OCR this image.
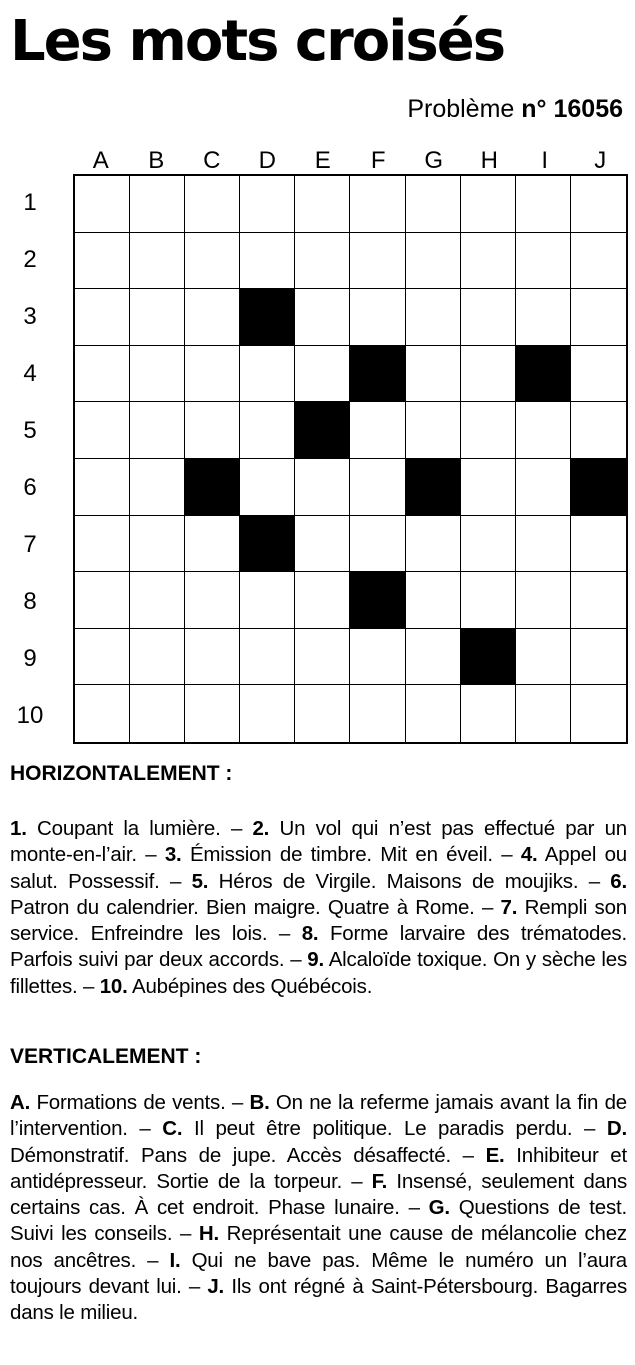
Les mots croisés
Problème n° 16056
A	B	C	D	E	F	G	H	I	J
1
2
3
4
5
6
7
8
9
10
HORIZONTALEMENT :
1. Coupant la lumière. – 2. Un vol qui n’est pas effectué par un monte-en-l’air. – 3. Émission de timbre. Mit en éveil. – 4. Appel ou salut. Possessif. – 5. Héros de Virgile. Maisons de moujiks. – 6. Patron du calendrier. Bien maigre. Quatre à Rome. – 7. Rempli son service. Enfreindre les lois. – 8. Forme larvaire des trématodes. Parfois suivi par deux accords. – 9. Alcaloïde toxique. On y sèche les fillettes. – 10. Aubépines des Québécois.
VERTICALEMENT :
A. Formations de vents. – B. On ne la referme jamais avant la fin de l’intervention. – C. Il peut être politique. Le paradis perdu. – D. Démonstratif. Pans de jupe. Accès désaffecté. – E. Inhibiteur et antidépresseur. Sortie de la torpeur. – F. Insensé, seulement dans certains cas. À cet endroit. Phase lunaire. – G. Questions de test. Suivi les conseils. – H. Représentait une cause de mélancolie chez nos ancêtres. – I. Qui ne bave pas. Même le numéro un l’aura toujours devant lui. – J. Ils ont régné à Saint-Pétersbourg. Bagarres dans le milieu.
